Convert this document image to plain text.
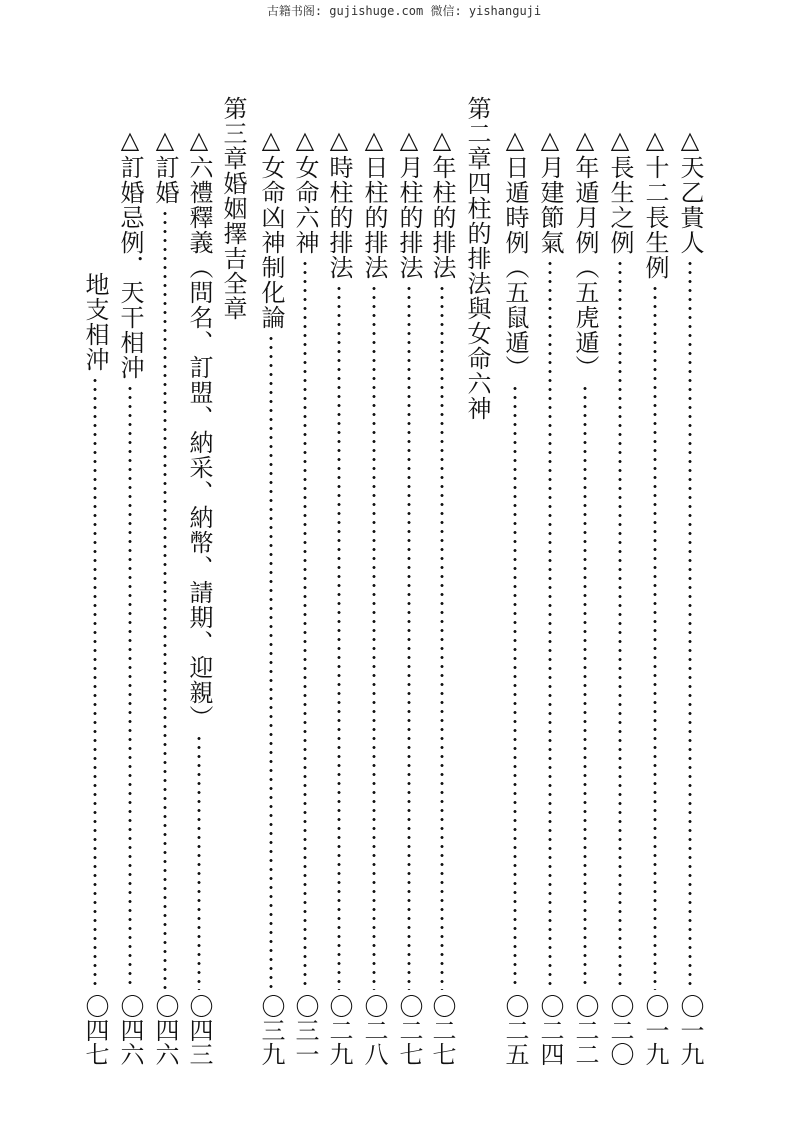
古籍书阁: gujishuge.com 微信: yishanguji
△天乙貴人
〇一九
△十二長生例
〇一九
△長生之例
〇二〇
△年遁月例（五虎遁）
〇二二
△月建節氣
〇二四
△日遁時例（五鼠遁）
〇二五
第二章四柱的排法與女命六神
△年柱的排法
〇二七
△月柱的排法
〇二七
△日柱的排法
〇二八
△時柱的排法
〇二九
△女命六神
〇三一
△女命凶神制化論
〇三九
第三章婚姻擇吉全章
△六禮釋義（問名、訂盟、納采、納幣、請期、迎親）
〇四三
△訂婚
〇四六
△訂婚忌例．天干相沖
〇四六
地支相沖
〇四七
